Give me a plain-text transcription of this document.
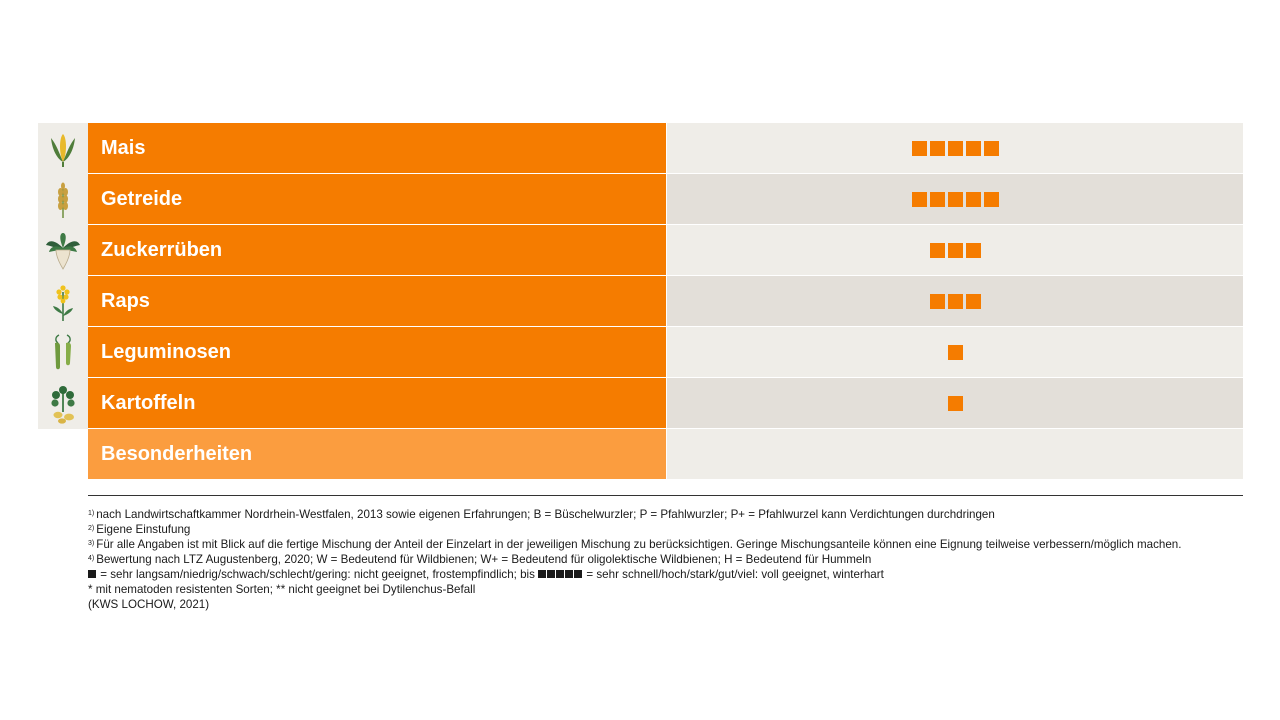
Mais
Getreide
Zuckerrüben
Raps
Leguminosen
Kartoffeln
Besonderheiten
$^{1)}$ nach Landwirtschaftkammer Nordrhein-Westfalen, 2013 sowie eigenen Erfahrungen; B = Büschelwurzler; P = Pfahlwurzler; P+ = Pfahlwurzel kann Verdichtungen durchdringen
$^{2)}$ Eigene Einstufung
$^{3)}$ Für alle Angaben ist mit Blick auf die fertige Mischung der Anteil der Einzelart in der jeweiligen Mischung zu berücksichtigen. Geringe Mischungsanteile können eine Eignung teilweise verbessern/möglich machen.
$^{4)}$ Bewertung nach LTZ Augustenberg, 2020; W = Bedeutend für Wildbienen; W+ = Bedeutend für oligolektische Wildbienen; H = Bedeutend für Hummeln
= sehr langsam/niedrig/schwach/schlecht/gering: nicht geeignet, frostempfindlich; bis	= sehr schnell/hoch/stark/gut/viel: voll geeignet, winterhart
* mit nematoden resistenten Sorten; ** nicht geeignet bei Dytilenchus-Befall
(KWS LOCHOW, 2021)
